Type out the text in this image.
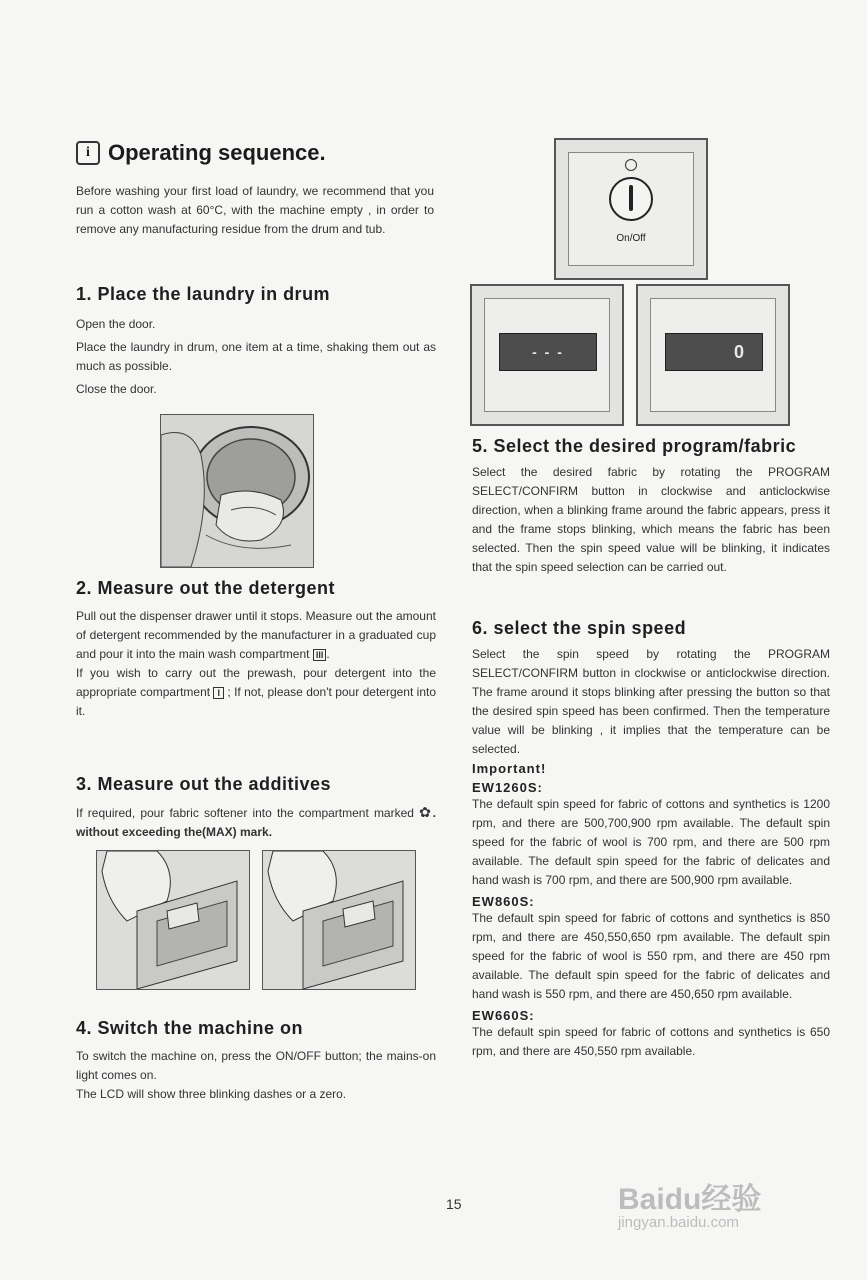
i Operating sequence.

Before washing your first load of laundry, we recommend that you run a cotton wash at 60°C, with the machine empty , in order to remove any manufacturing residue from the drum and tub.

1. Place the laundry in drum

Open the door.

Place the laundry in drum, one item at a time, shaking them out as much as possible.

Close the door.

2. Measure out the detergent

Pull out the dispenser drawer until it stops. Measure out the amount of detergent recommended by the manufacturer in a graduated cup and pour it into the main wash compartment III .

If you wish to carry out the prewash, pour detergent into the appropriate compartment I ; If not, please don't pour detergent into it.

3. Measure out the additives

If required, pour fabric softener into the compartment marked ✿. without exceeding the(MAX) mark.

4. Switch the machine on

To switch the machine on, press the ON/OFF button; the mains-on light comes on.

The LCD will show three blinking dashes or a zero.

On/Off
- - -	0
5. Select the desired program/fabric

Select the desired fabric by rotating the PROGRAM SELECT/CONFIRM button in clockwise and anticlockwise direction, when a blinking frame around the fabric appears, press it and the frame stops blinking, which means the fabric has been selected. Then the spin speed value will be blinking, it indicates that the spin speed selection can be carried out.

6. select the spin speed

Select the spin speed by rotating the PROGRAM SELECT/CONFIRM button in clockwise or anticlockwise direction. The frame around it stops blinking after pressing the button so that the desired spin speed has been confirmed. Then the temperature value will be blinking , it implies that the temperature can be selected.

Important!
EW1260S:

The default spin speed for fabric of cottons and synthetics is 1200 rpm, and there are 500,700,900 rpm available. The default spin speed for the fabric of wool is 700 rpm, and there are 500 rpm available. The default spin speed for the fabric of delicates and hand wash is 700 rpm, and there are 500,900 rpm available.

EW860S:

The default spin speed for fabric of cottons and synthetics is 850 rpm, and there are 450,550,650 rpm available. The default spin speed for the fabric of wool is 550 rpm, and there are 450 rpm available. The default spin speed for the fabric of delicates and hand wash is 550 rpm, and there are 450,650 rpm available.

EW660S:

The default spin speed for fabric of cottons and synthetics is 650 rpm, and there are 450,550 rpm available.

15	Baidu经验
jingyan.baidu.com
